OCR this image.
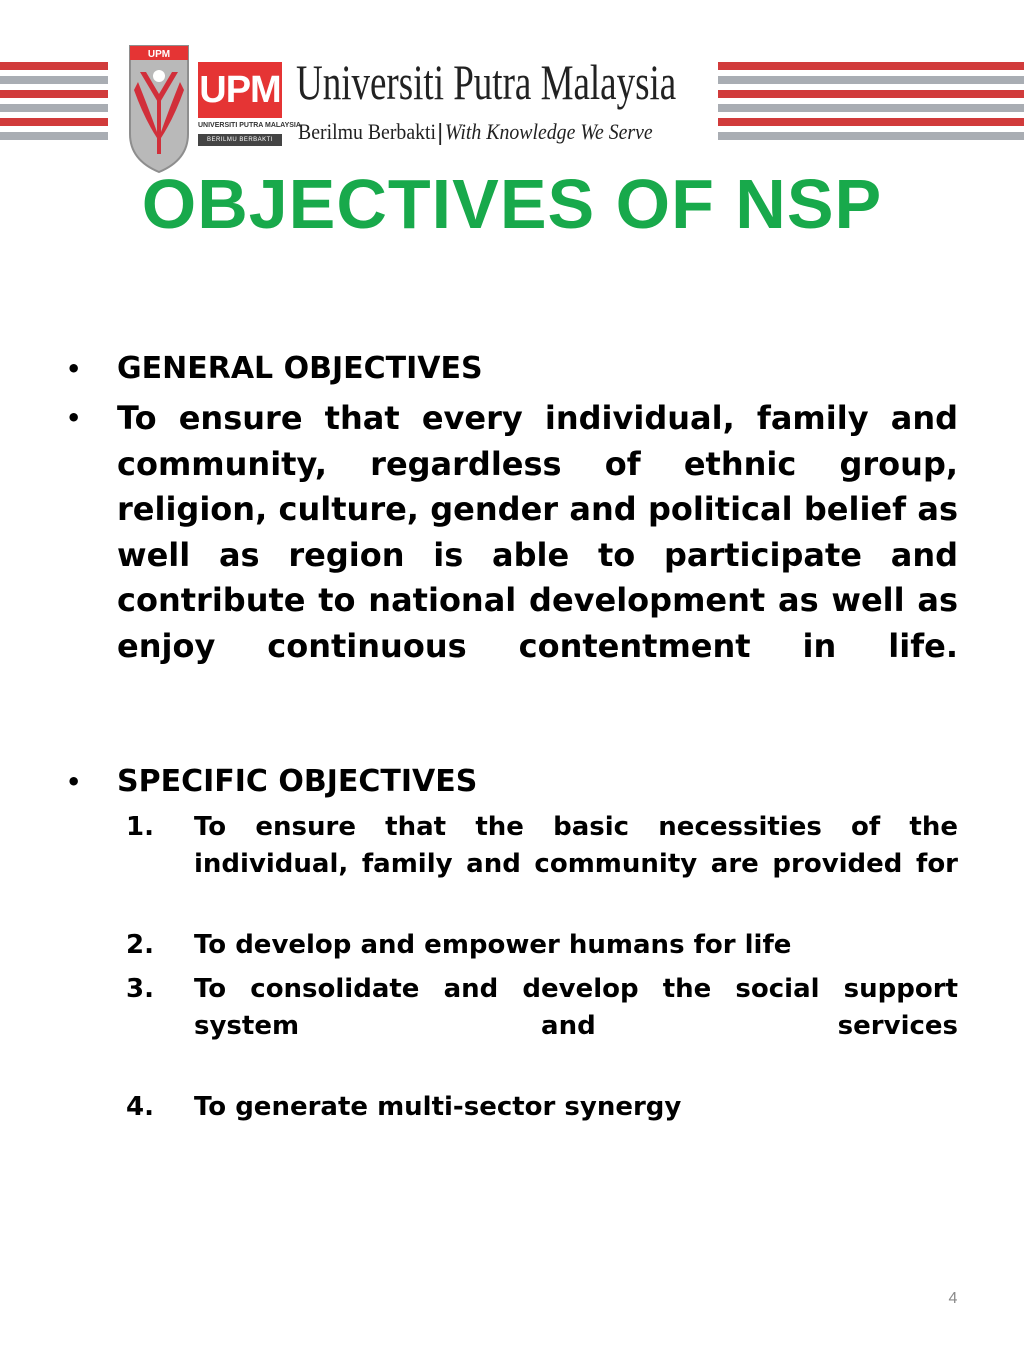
UPM
UPM
UNIVERSITI PUTRA MALAYSIA
BERILMU BERBAKTI
Universiti Putra Malaysia
Berilmu Berbakti With Knowledge We Serve
OBJECTIVES OF NSP
• GENERAL OBJECTIVES
• To ensure that every individual, family and community, regardless of ethnic group, religion, culture, gender and political belief as well as region is able to participate and contribute to national development as well as enjoy continuous contentment in life.
• SPECIFIC OBJECTIVES
1. To ensure that the basic necessities of the individual, family and community are provided for
2. To develop and empower humans for life
3. To consolidate and develop the social support system and services
4. To generate multi-sector synergy
4
